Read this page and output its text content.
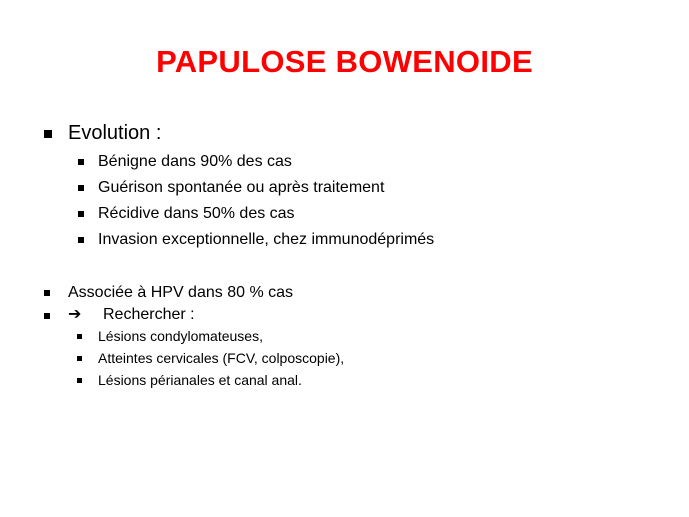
PAPULOSE BOWENOIDE
Evolution :
Bénigne dans 90% des cas
Guérison spontanée ou après traitement
Récidive dans 50% des cas
Invasion exceptionnelle, chez immunodéprimés
Associée à HPV dans 80 % cas
➔ Rechercher :
Lésions condylomateuses,
Atteintes cervicales (FCV, colposcopie),
Lésions périanales et canal anal.
